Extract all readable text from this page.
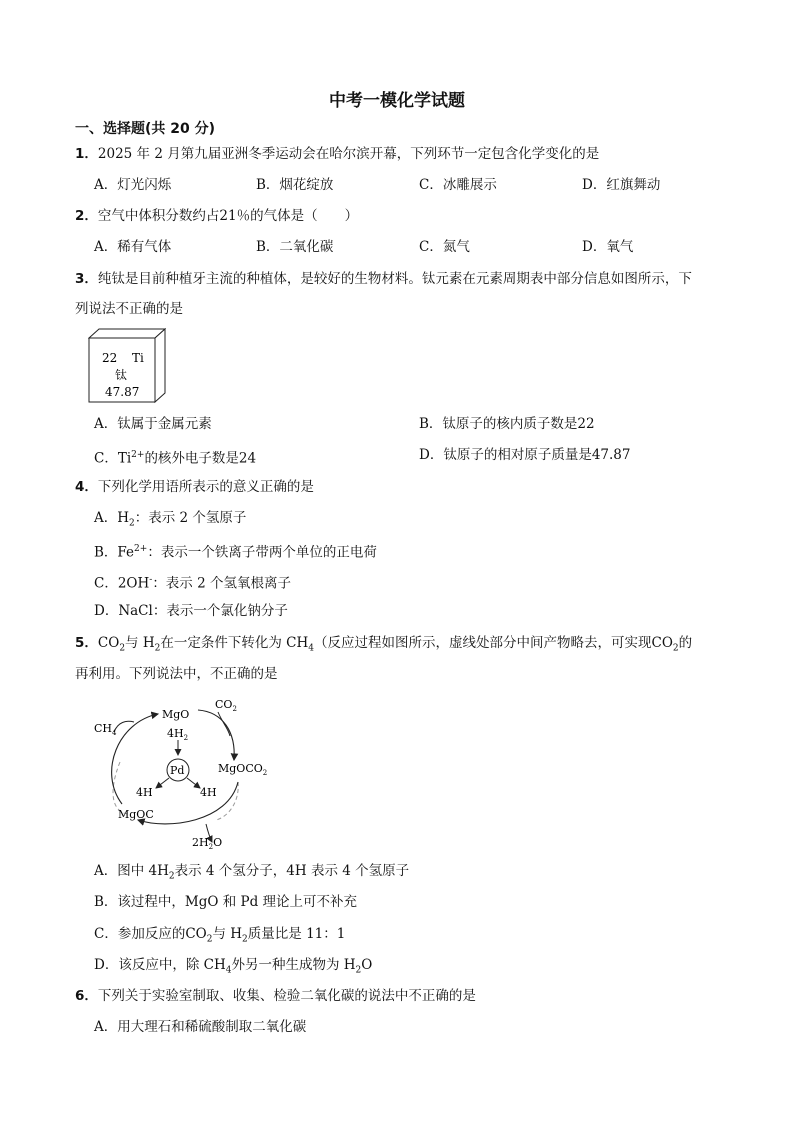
中考一模化学试题
一、选择题(共 20 分)
1．2025 年 2 月第九届亚洲冬季运动会在哈尔滨开幕，下列环节一定包含化学变化的是
A．灯光闪烁	B．烟花绽放	C．冰雕展示	D．红旗舞动
2．空气中体积分数约占21％的气体是（　　）
A．稀有气体	B．二氧化碳	C．氮气	D．氧气
3．纯钛是目前种植牙主流的种植体，是较好的生物材料。钛元素在元素周期表中部分信息如图所示，下
列说法不正确的是
22 Ti
钛
47.87
A．钛属于金属元素	B．钛原子的核内质子数是22
C．$Ti^{2+}$的核外电子数是24	D．钛原子的相对原子质量是47.87
4．下列化学用语所表示的意义正确的是
A．$H_2$：表示 2 个氢原子
B．$Fe^{2+}$：表示一个铁离子带两个单位的正电荷
C．2OH-：表示 2 个氢氧根离子
D．NaCl：表示一个氯化钠分子
5．$CO_2$与 $H_2$在一定条件下转化为 $CH_4$（反应过程如图所示，虚线处部分中间产物略去，可实现$CO_2$的
再利用。下列说法中，不正确的是
$CO_2$
MgO
$CH_4$	$4H_2$
Pd	MgOCO$_2$
4H	4H
MgOC
$2H_2O$
A．图中 $4H_2$表示 4 个氢分子，4H 表示 4 个氢原子
B．该过程中，MgO 和 Pd 理论上可不补充
C．参加反应的$CO_2$与 $H_2$质量比是 11：1
D．该反应中，除 $CH_4$外另一种生成物为 $H_2O$
6．下列关于实验室制取、收集、检验二氧化碳的说法中不正确的是
A．用大理石和稀硫酸制取二氧化碳
